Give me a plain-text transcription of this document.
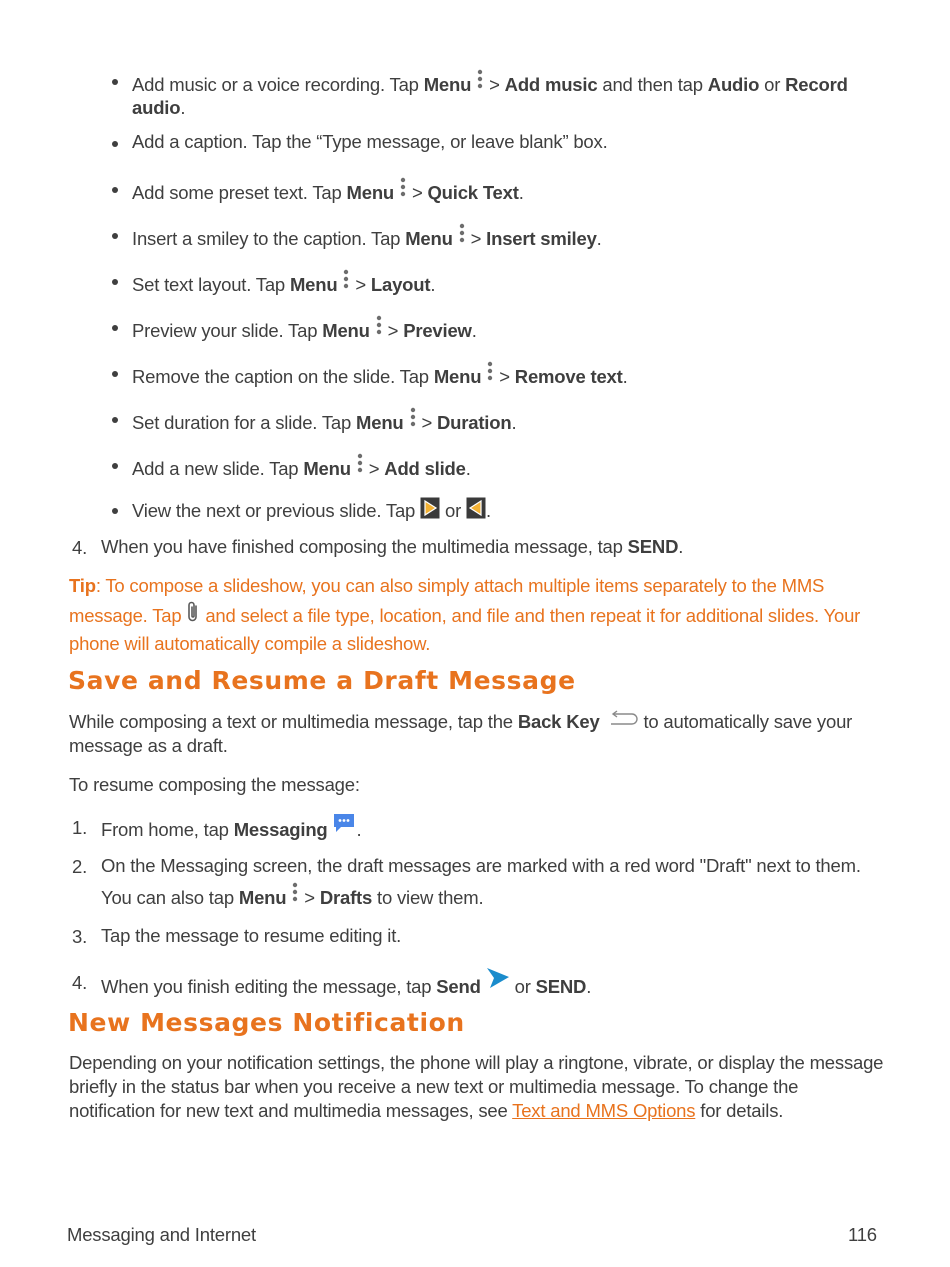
Add music or a voice recording. Tap Menu  > Add music and then tap Audio or Record audio.
Add a caption. Tap the “Type message, or leave blank” box.
Add some preset text. Tap Menu  > Quick Text.
Insert a smiley to the caption. Tap Menu  > Insert smiley.
Set text layout. Tap Menu  > Layout.
Preview your slide. Tap Menu  > Preview.
Remove the caption on the slide. Tap Menu  > Remove text.
Set duration for a slide. Tap Menu  > Duration.
Add a new slide. Tap Menu  > Add slide.
View the next or previous slide. Tap  or .
4. When you have finished composing the multimedia message, tap SEND.
Tip: To compose a slideshow, you can also simply attach multiple items separately to the MMS message. Tap  and select a file type, location, and file and then repeat it for additional slides. Your phone will automatically compile a slideshow.
Save and Resume a Draft Message
While composing a text or multimedia message, tap the Back Key  to automatically save your message as a draft.
To resume composing the message:
1. From home, tap Messaging .
2. On the Messaging screen, the draft messages are marked with a red word "Draft" next to them. You can also tap Menu  > Drafts to view them.
3. Tap the message to resume editing it.
4. When you finish editing the message, tap Send  or SEND.
New Messages Notification
Depending on your notification settings, the phone will play a ringtone, vibrate, or display the message briefly in the status bar when you receive a new text or multimedia message. To change the notification for new text and multimedia messages, see Text and MMS Options for details.
Messaging and Internet	116
